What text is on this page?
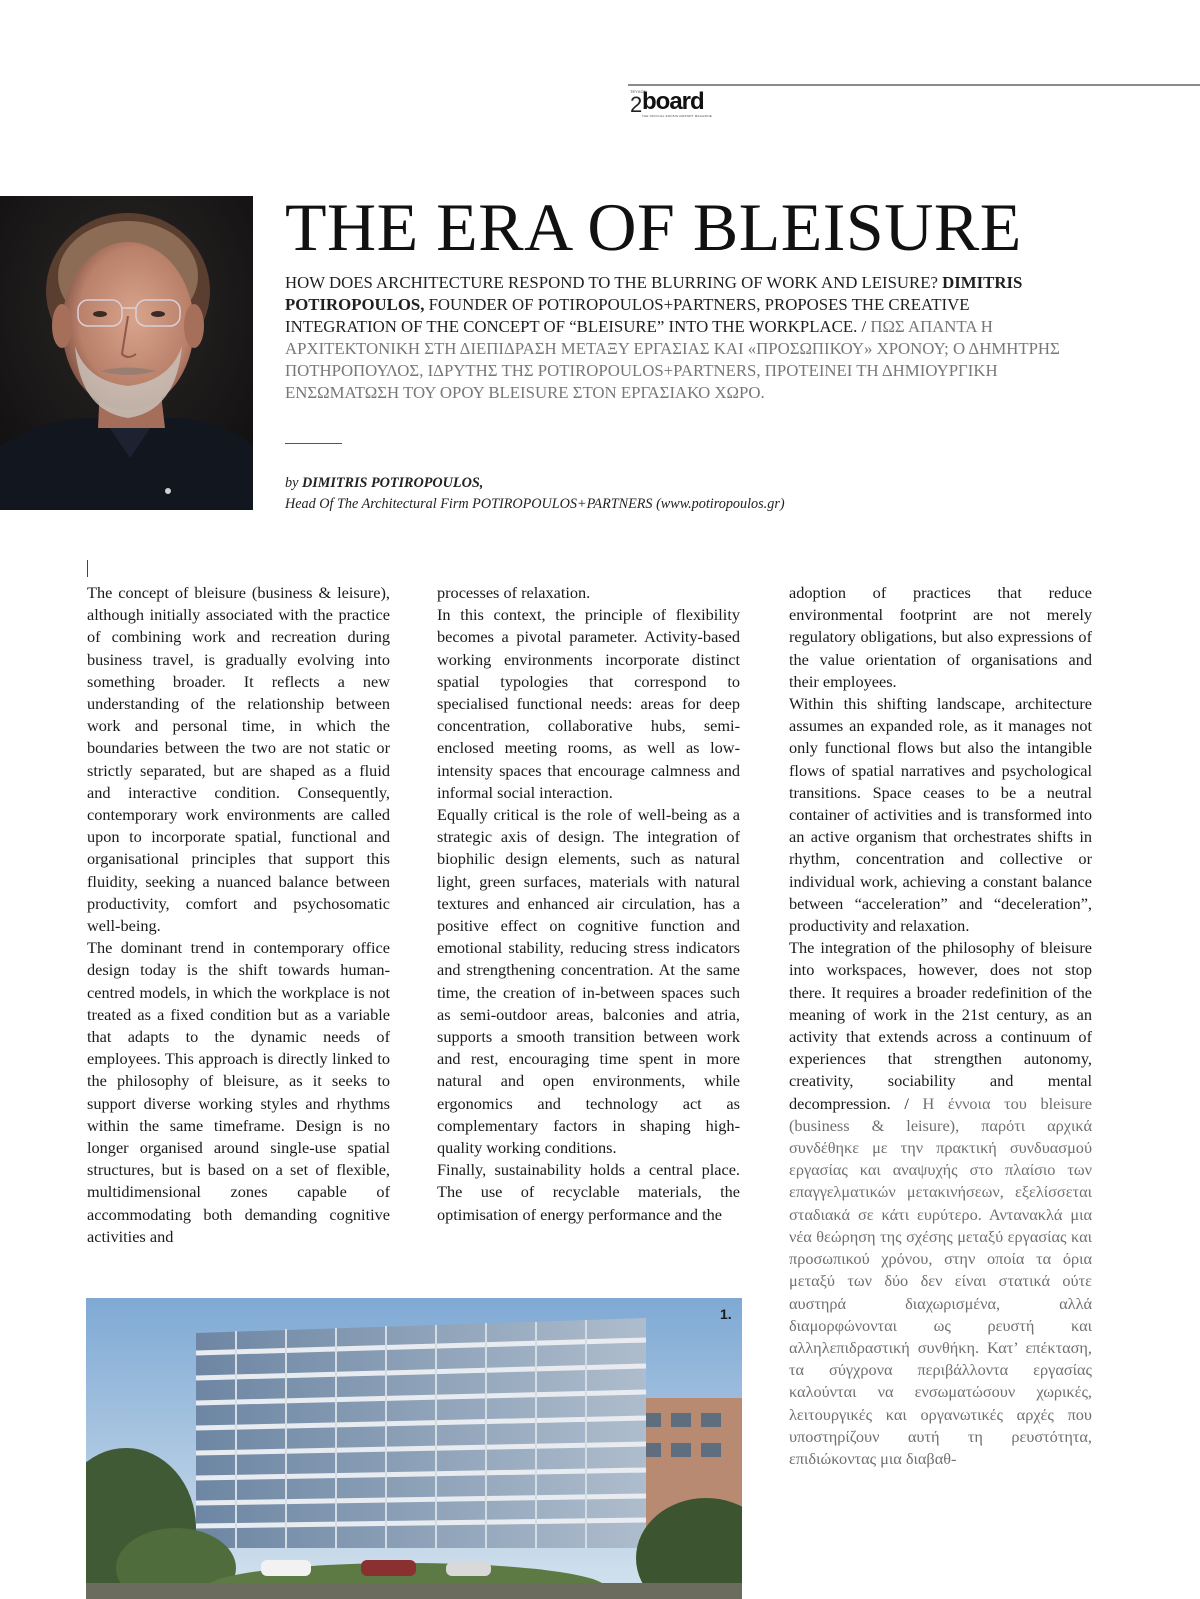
ΤΕΥΧΟΣ
2 board
THE OFFICIAL ENOSIS AIRPORT MAGAZINE
THE ERA OF BLEISURE
HOW DOES ARCHITECTURE RESPOND TO THE BLURRING OF WORK AND LEISURE? DIMITRIS POTIROPOULOS, FOUNDER OF POTIROPOULOS+PARTNERS, PROPOSES THE CREATIVE INTEGRATION OF THE CONCEPT OF “BLEISURE” INTO THE WORKPLACE. / ΠΩΣ ΑΠΑΝΤΑ Η ΑΡΧΙΤΕΚΤΟΝΙΚΗ ΣΤΗ ΔΙΕΠΙΔΡΑΣΗ ΜΕΤΑΞΥ ΕΡΓΑΣΙΑΣ ΚΑΙ «ΠΡΟΣΩΠΙΚΟΥ» ΧΡΟΝΟΥ; Ο ΔΗΜΗΤΡΗΣ ΠΟΤΗΡΟΠΟΥΛΟΣ, ΙΔΡΥΤΗΣ ΤΗΣ POTIROPOULOS+PARTNERS, ΠΡΟΤΕΙΝΕΙ ΤΗ ΔΗΜΙΟΥΡΓΙΚΗ ΕΝΣΩΜΑΤΩΣΗ ΤΟΥ ΟΡΟΥ BLEISURE ΣΤΟΝ ΕΡΓΑΣΙΑΚΟ ΧΩΡΟ.
by DIMITRIS POTIROPOULOS,
Head Of The Architectural Firm POTIROPOULOS+PARTNERS (www.potiropoulos.gr)

The concept of bleisure (business & leisure), although initially associated with the practice of combining work and recreation during business travel, is gradually evolving into something broader. It reflects a new understanding of the relationship between work and personal time, in which the boundaries between the two are not static or strictly separated, but are shaped as a fluid and interactive condition. Consequently, contemporary work environments are called upon to incorporate spatial, functional and organisational principles that support this fluidity, seeking a nuanced balance between productivity, comfort and psychosomatic well-being.

The dominant trend in contemporary office design today is the shift towards human-centred models, in which the workplace is not treated as a fixed condition but as a variable that adapts to the dynamic needs of employees. This approach is directly linked to the philosophy of bleisure, as it seeks to support diverse working styles and rhythms within the same timeframe. Design is no longer organised around single-use spatial structures, but is based on a set of flexible, multidimensional zones capable of accommodating both demanding cognitive activities and

processes of relaxation.

In this context, the principle of flexibility becomes a pivotal parameter. Activity-based working environments incorporate distinct spatial typologies that correspond to specialised functional needs: areas for deep concentration, collaborative hubs, semi-enclosed meeting rooms, as well as low-intensity spaces that encourage calmness and informal social interaction.

Equally critical is the role of well-being as a strategic axis of design. The integration of biophilic design elements, such as natural light, green surfaces, materials with natural textures and enhanced air circulation, has a positive effect on cognitive function and emotional stability, reducing stress indicators and strengthening concentration. At the same time, the creation of in-between spaces such as semi-outdoor areas, balconies and atria, supports a smooth transition between work and rest, encouraging time spent in more natural and open environments, while ergonomics and technology act as complementary factors in shaping high-quality working conditions.

Finally, sustainability holds a central place. The use of recyclable materials, the optimisation of energy performance and the

adoption of practices that reduce environmental footprint are not merely regulatory obligations, but also expressions of the value orientation of organisations and their employees.

Within this shifting landscape, architecture assumes an expanded role, as it manages not only functional flows but also the intangible flows of spatial narratives and psychological transitions. Space ceases to be a neutral container of activities and is transformed into an active organism that orchestrates shifts in rhythm, concentration and collective or individual work, achieving a constant balance between “acceleration” and “deceleration”, productivity and relaxation.

The integration of the philosophy of bleisure into workspaces, however, does not stop there. It requires a broader redefinition of the meaning of work in the 21st century, as an activity that extends across a continuum of experiences that strengthen autonomy, creativity, sociability and mental decompression. / Η έννοια του bleisure (business & leisure), παρότι αρχικά συνδέθηκε με την πρακτική συνδυασμού εργασίας και αναψυχής στο πλαίσιο των επαγγελματικών μετακινήσεων, εξελίσσεται σταδιακά σε κάτι ευρύτερο. Αντανακλά μια νέα θεώρηση της σχέσης μεταξύ εργασίας και προσωπικού χρόνου, στην οποία τα όρια μεταξύ των δύο δεν είναι στατικά ούτε αυστηρά διαχωρισμένα, αλλά διαμορφώνονται ως ρευστή και αλληλεπιδραστική συνθήκη. Κατ’ επέκταση, τα σύγχρονα περιβάλλοντα εργασίας καλούνται να ενσωματώσουν χωρικές, λειτουργικές και οργανωτικές αρχές που υποστηρίζουν αυτή τη ρευστότητα, επιδιώκοντας μια διαβαθ-

1.
